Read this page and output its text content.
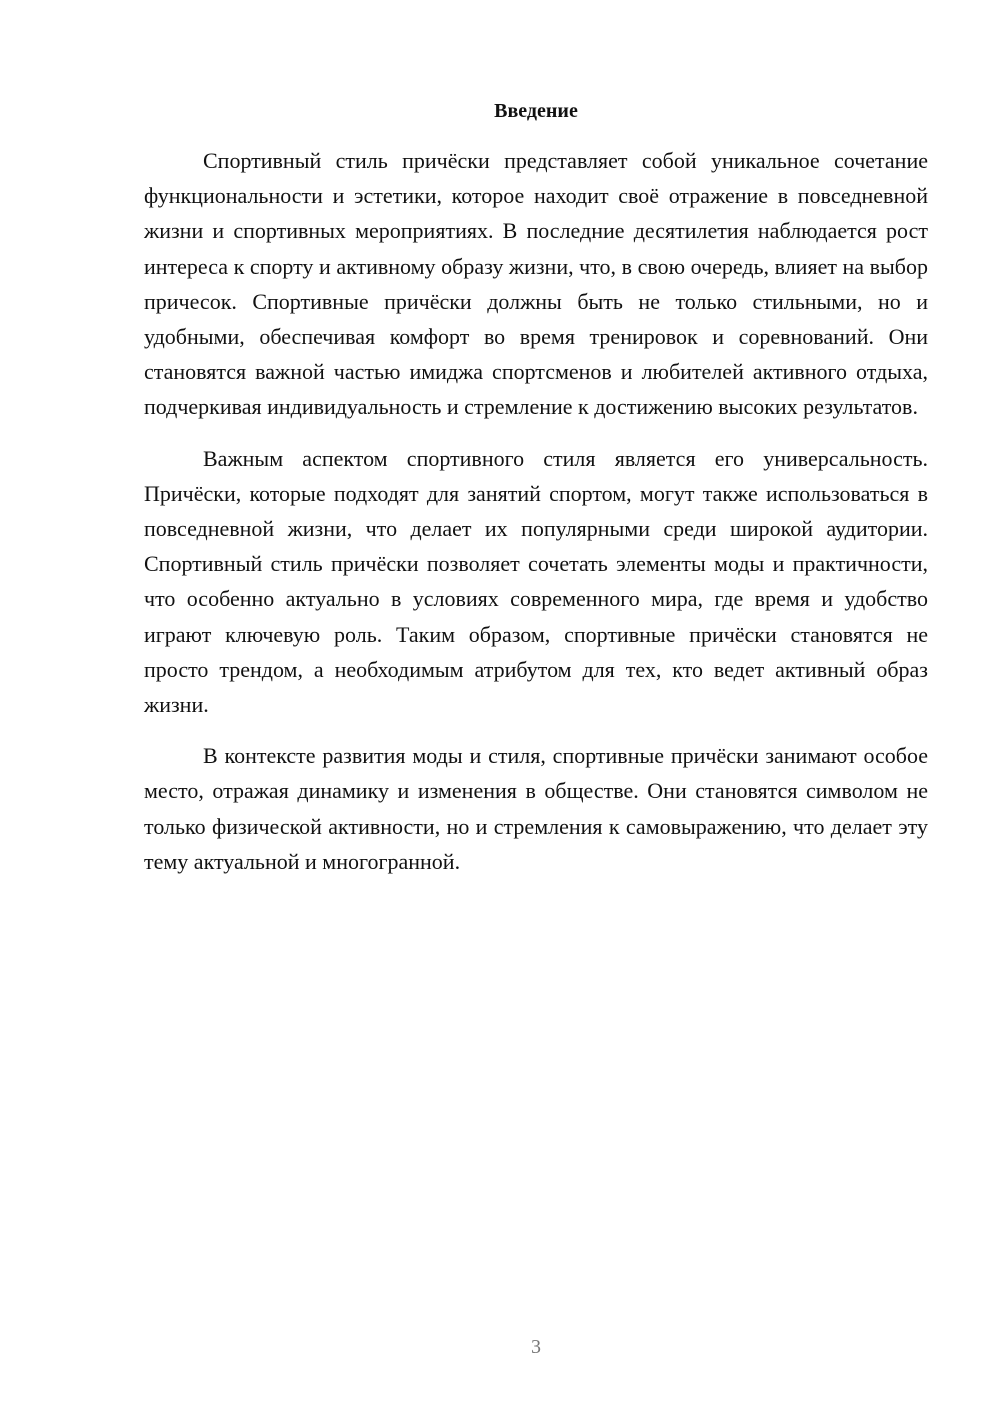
Введение

Спортивный стиль причёски представляет собой уникальное сочетание функциональности и эстетики, которое находит своё отражение в повседневной жизни и спортивных мероприятиях. В последние десятилетия наблюдается рост интереса к спорту и активному образу жизни, что, в свою очередь, влияет на выбор причесок. Спортивные причёски должны быть не только стильными, но и удобными, обеспечивая комфорт во время тренировок и соревнований. Они становятся важной частью имиджа спортсменов и любителей активного отдыха, подчеркивая индивидуальность и стремление к достижению высоких результатов.

Важным аспектом спортивного стиля является его универсальность. Причёски, которые подходят для занятий спортом, могут также использоваться в повседневной жизни, что делает их популярными среди широкой аудитории. Спортивный стиль причёски позволяет сочетать элементы моды и практичности, что особенно актуально в условиях современного мира, где время и удобство играют ключевую роль. Таким образом, спортивные причёски становятся не просто трендом, а необходимым атрибутом для тех, кто ведет активный образ жизни.

В контексте развития моды и стиля, спортивные причёски занимают особое место, отражая динамику и изменения в обществе. Они становятся символом не только физической активности, но и стремления к самовыражению, что делает эту тему актуальной и многогранной.

3
